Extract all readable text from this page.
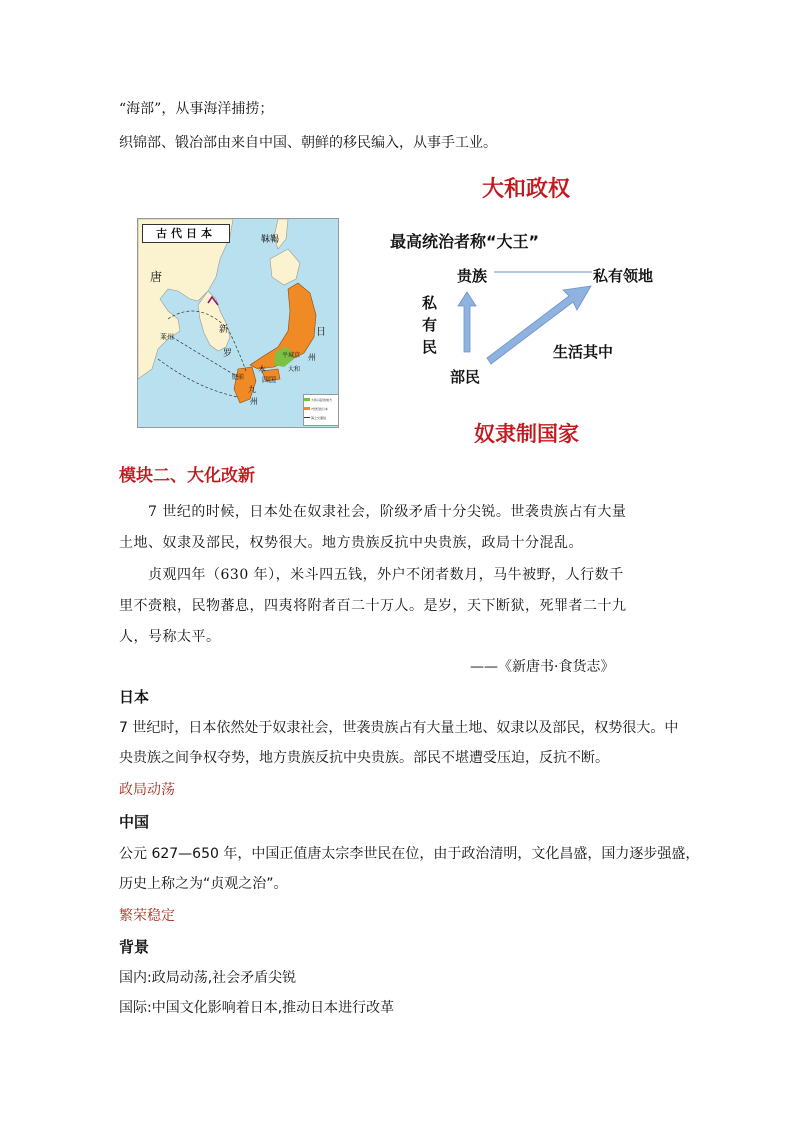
“海部”，从事海洋捕捞；
织锦部、锻冶部由来自中国、朝鲜的移民编入，从事手工业。
大和政权
古代日本	靺鞨
唐
新
罗
日
本
州
九
州
四国
大和
平城京
肥前
莱州
大和兴起的地方
7世纪的日本
海上交通线
最高统治者称“大王”
贵族	私有领地
私
有
民
部民
生活其中
奴隶制国家
模块二、大化改新
7 世纪的时候，日本处在奴隶社会，阶级矛盾十分尖锐。世袭贵族占有大量
土地、奴隶及部民，权势很大。地方贵族反抗中央贵族，政局十分混乱。
贞观四年（630 年），米斗四五钱，外户不闭者数月，马牛被野，人行数千
里不赍粮，民物蕃息，四夷将附者百二十万人。是岁，天下断狱，死罪者二十九
人，号称太平。
——《新唐书·食货志》
日本
7 世纪时，日本依然处于奴隶社会，世袭贵族占有大量土地、奴隶以及部民，权势很大。中
央贵族之间争权夺势，地方贵族反抗中央贵族。部民不堪遭受压迫，反抗不断。
政局动荡
中国
公元 627—650 年，中国正值唐太宗李世民在位，由于政治清明，文化昌盛，国力逐步强盛，
历史上称之为“贞观之治”。
繁荣稳定
背景
国内:政局动荡,社会矛盾尖锐
国际:中国文化影响着日本,推动日本进行改革
